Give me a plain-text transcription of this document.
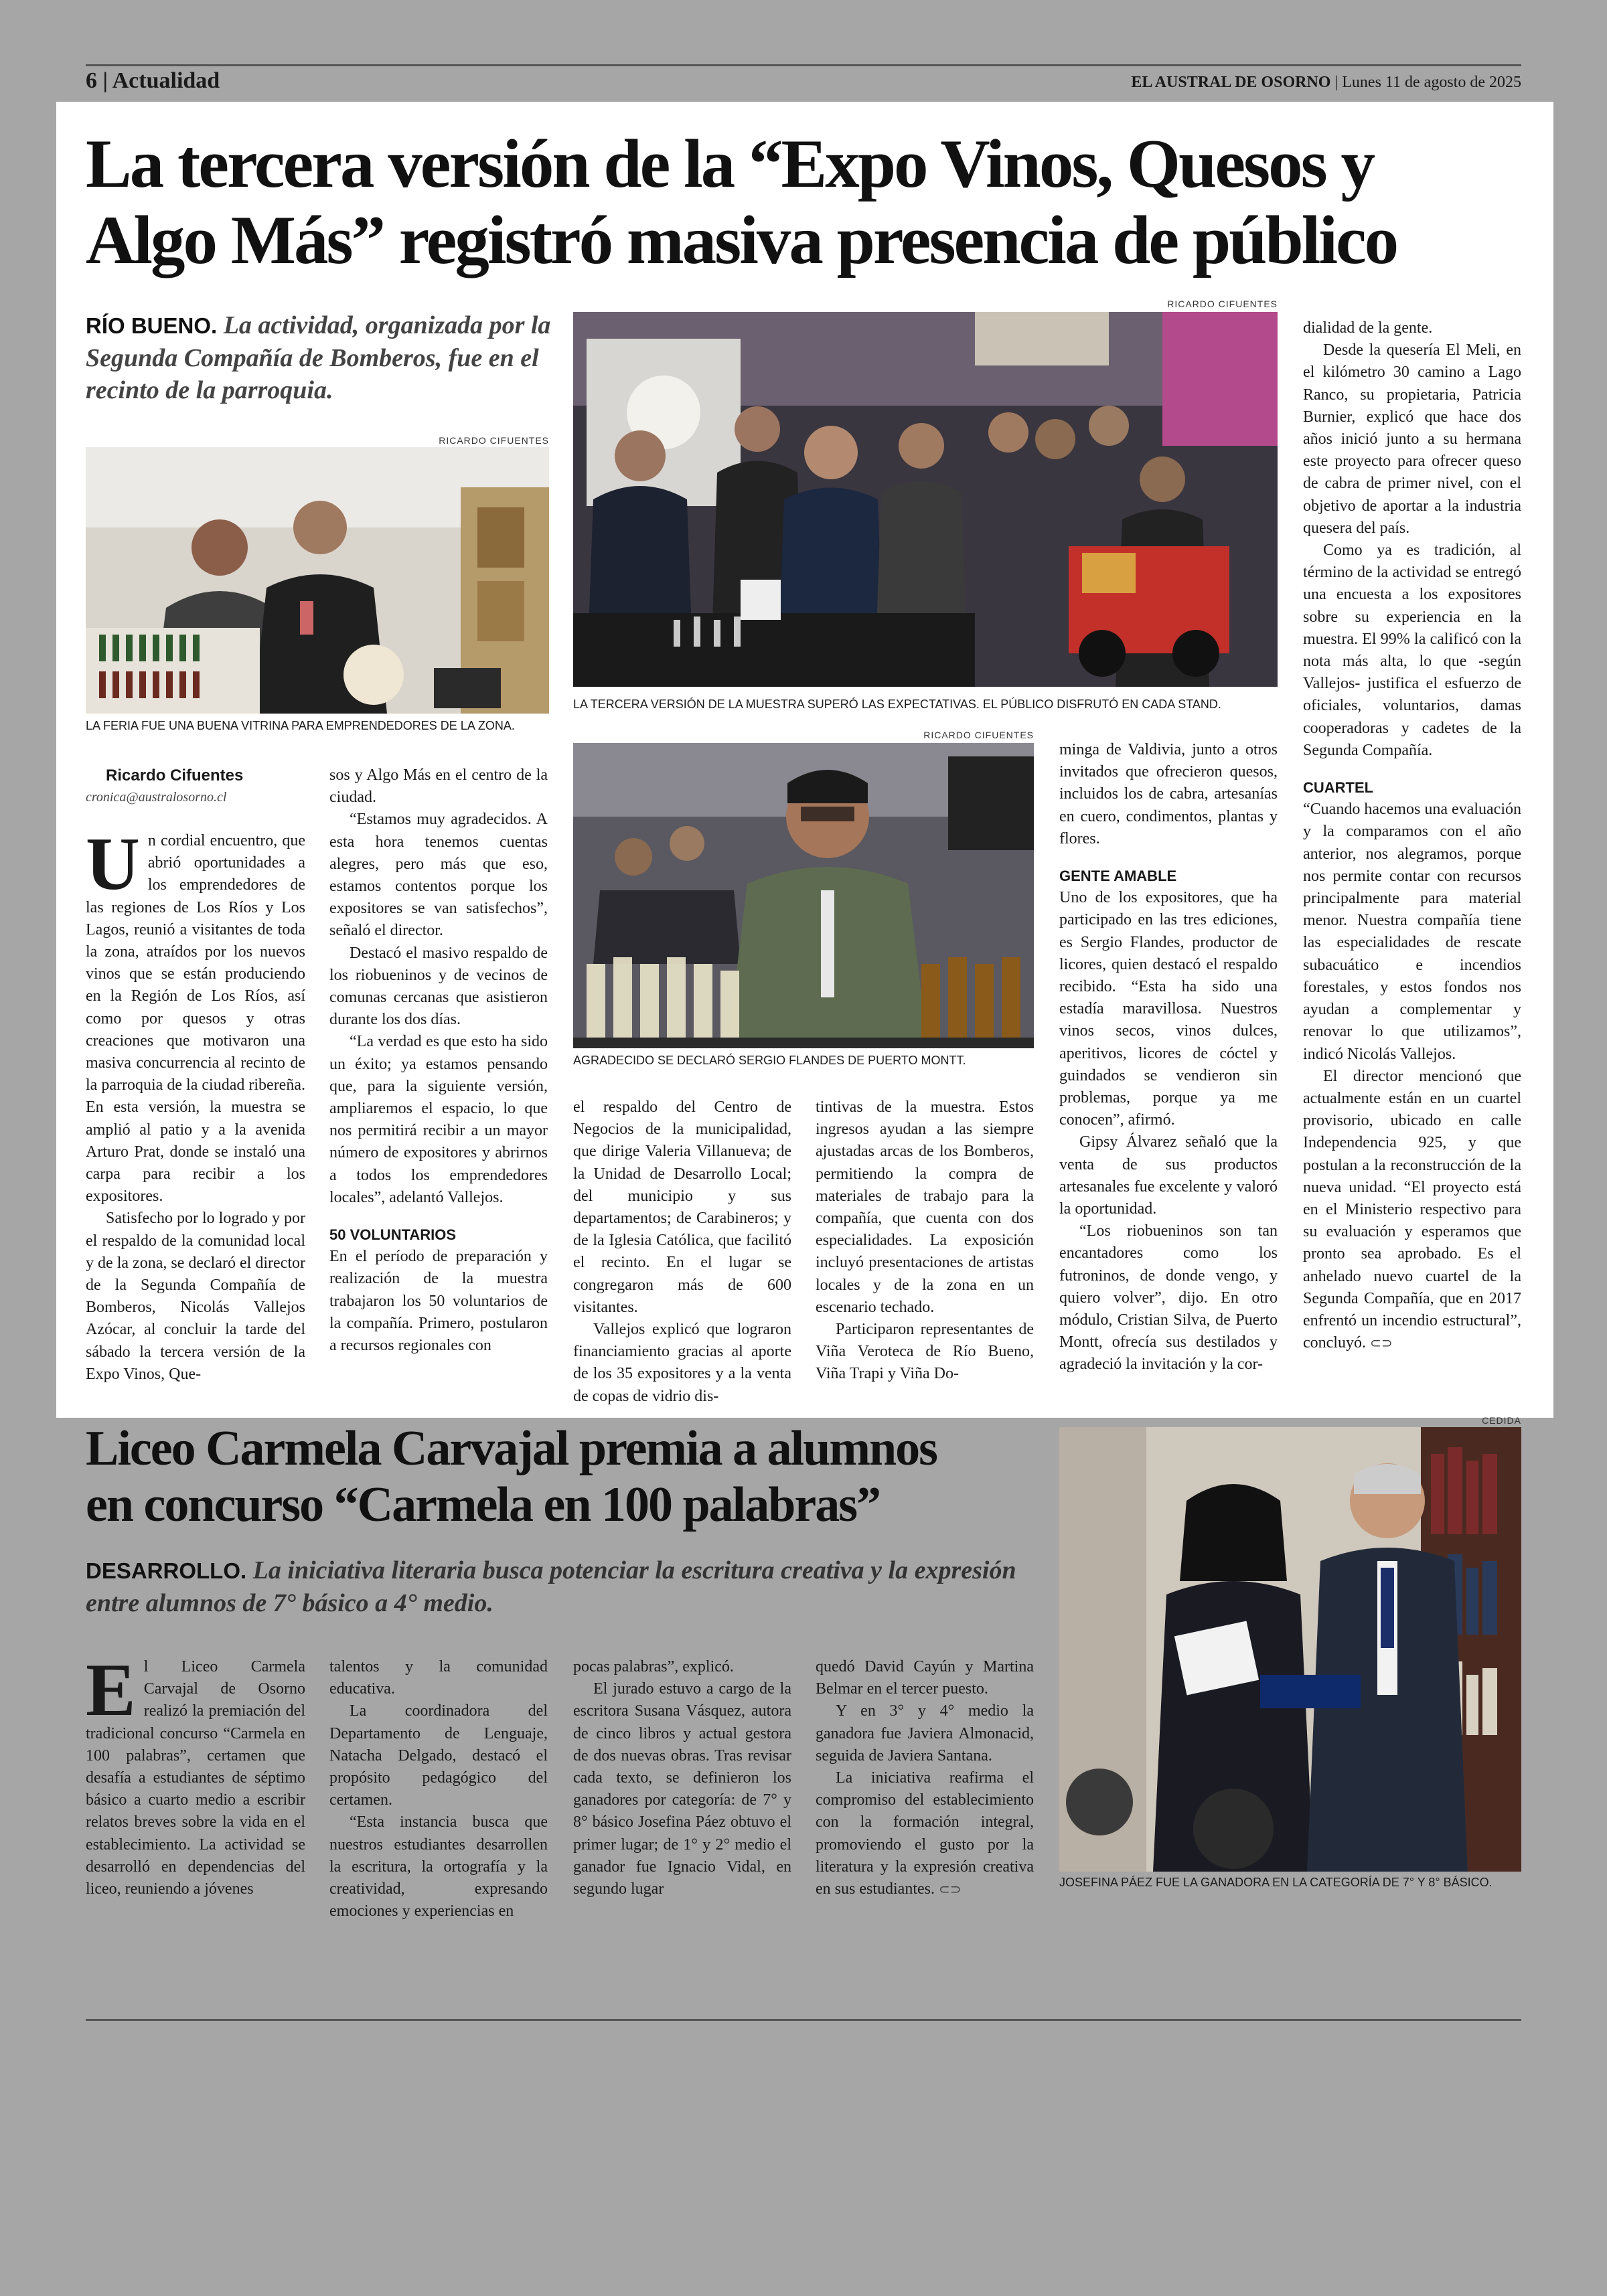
6 | Actualidad	EL AUSTRAL DE OSORNO | Lunes 11 de agosto de 2025
La tercera versión de la “Expo Vinos, Quesos y
Algo Más” registró masiva presencia de público
RÍO BUENO. La actividad, organizada por la Segunda Compañía de Bomberos, fue en el recinto de la parroquia.
RICARDO CIFUENTES
LA FERIA FUE UNA BUENA VITRINA PARA EMPRENDEDORES DE LA ZONA.
RICARDO CIFUENTES
LA TERCERA VERSIÓN DE LA MUESTRA SUPERÓ LAS EXPECTATIVAS. EL PÚBLICO DISFRUTÓ EN CADA STAND.
RICARDO CIFUENTES
AGRADECIDO SE DECLARÓ SERGIO FLANDES DE PUERTO MONTT.

Ricardo Cifuentes

cronica@australosorno.cl

Un cordial encuentro, que abrió oportunidades a los emprendedores de las regiones de Los Ríos y Los Lagos, reunió a visitantes de toda la zona, atraídos por los nuevos vinos que se están produciendo en la Región de Los Ríos, así como por quesos y otras creaciones que motivaron una masiva concurrencia al recinto de la parroquia de la ciudad ribereña. En esta versión, la muestra se amplió al patio y a la avenida Arturo Prat, donde se instaló una carpa para recibir a los expositores.

Satisfecho por lo logrado y por el respaldo de la comunidad local y de la zona, se declaró el director de la Segunda Compañía de Bomberos, Nicolás Vallejos Azócar, al concluir la tarde del sábado la tercera versión de la Expo Vinos, Que-

sos y Algo Más en el centro de la ciudad.

“Estamos muy agradecidos. A esta hora tenemos cuentas alegres, pero más que eso, estamos contentos porque los expositores se van satisfechos”, señaló el director.

Destacó el masivo respaldo de los riobueninos y de vecinos de comunas cercanas que asistieron durante los dos días.

“La verdad es que esto ha sido un éxito; ya estamos pensando que, para la siguiente versión, ampliaremos el espacio, lo que nos permitirá recibir a un mayor número de expositores y abrirnos a todos los emprendedores locales”, adelantó Vallejos.

50 VOLUNTARIOS

En el período de preparación y realización de la muestra trabajaron los 50 voluntarios de la compañía. Primero, postularon a recursos regionales con

el respaldo del Centro de Negocios de la municipalidad, que dirige Valeria Villanueva; de la Unidad de Desarrollo Local; del municipio y sus departamentos; de Carabineros; y de la Iglesia Católica, que facilitó el recinto. En el lugar se congregaron más de 600 visitantes.

Vallejos explicó que lograron financiamiento gracias al aporte de los 35 expositores y a la venta de copas de vidrio dis-

tintivas de la muestra. Estos ingresos ayudan a las siempre ajustadas arcas de los Bomberos, permitiendo la compra de materiales de trabajo para la compañía, que cuenta con dos especialidades. La exposición incluyó presentaciones de artistas locales y de la zona en un escenario techado.

Participaron representantes de Viña Veroteca de Río Bueno, Viña Trapi y Viña Do-

minga de Valdivia, junto a otros invitados que ofrecieron quesos, incluidos los de cabra, artesanías en cuero, condimentos, plantas y flores.

GENTE AMABLE

Uno de los expositores, que ha participado en las tres ediciones, es Sergio Flandes, productor de licores, quien destacó el respaldo recibido. “Esta ha sido una estadía maravillosa. Nuestros vinos secos, vinos dulces, aperitivos, licores de cóctel y guindados se vendieron sin problemas, porque ya me conocen”, afirmó.

Gipsy Álvarez señaló que la venta de sus productos artesanales fue excelente y valoró la oportunidad.

“Los riobueninos son tan encantadores como los futroninos, de donde vengo, y quiero volver”, dijo. En otro módulo, Cristian Silva, de Puerto Montt, ofrecía sus destilados y agradeció la invitación y la cor-

dialidad de la gente.

Desde la quesería El Meli, en el kilómetro 30 camino a Lago Ranco, su propietaria, Patricia Burnier, explicó que hace dos años inició junto a su hermana este proyecto para ofrecer queso de cabra de primer nivel, con el objetivo de aportar a la industria quesera del país.

Como ya es tradición, al término de la actividad se entregó una encuesta a los expositores sobre su experiencia en la muestra. El 99% la calificó con la nota más alta, lo que -según Vallejos- justifica el esfuerzo de oficiales, voluntarios, damas cooperadoras y cadetes de la Segunda Compañía.

CUARTEL

“Cuando hacemos una evaluación y la comparamos con el año anterior, nos alegramos, porque nos permite contar con recursos principalmente para material menor. Nuestra compañía tiene las especialidades de rescate subacuático e incendios forestales, y estos fondos nos ayudan a complementar y renovar lo que utilizamos”, indicó Nicolás Vallejos.

El director mencionó que actualmente están en un cuartel provisorio, ubicado en calle Independencia 925, y que postulan a la reconstrucción de la nueva unidad. “El proyecto está en el Ministerio respectivo para su evaluación y esperamos que pronto sea aprobado. Es el anhelado nuevo cuartel de la Segunda Compañía, que en 2017 enfrentó un incendio estructural”, concluyó. ⊂⊃

Liceo Carmela Carvajal premia a alumnos
en concurso “Carmela en 100 palabras”
DESARROLLO. La iniciativa literaria busca potenciar la escritura creativa y la expresión entre alumnos de 7° básico a 4° medio.
CEDIDA
JOSEFINA PÁEZ FUE LA GANADORA EN LA CATEGORÍA DE 7° Y 8° BÁSICO.

El Liceo Carmela Carvajal de Osorno realizó la premiación del tradicional concurso “Carmela en 100 palabras”, certamen que desafía a estudiantes de séptimo básico a cuarto medio a escribir relatos breves sobre la vida en el establecimiento. La actividad se desarrolló en dependencias del liceo, reuniendo a jóvenes

talentos y la comunidad educativa.

La coordinadora del Departamento de Lenguaje, Natacha Delgado, destacó el propósito pedagógico del certamen.

“Esta instancia busca que nuestros estudiantes desarrollen la escritura, la ortografía y la creatividad, expresando emociones y experiencias en

pocas palabras”, explicó.

El jurado estuvo a cargo de la escritora Susana Vásquez, autora de cinco libros y actual gestora de dos nuevas obras. Tras revisar cada texto, se definieron los ganadores por categoría: de 7° y 8° básico Josefina Páez obtuvo el primer lugar; de 1° y 2° medio el ganador fue Ignacio Vidal, en segundo lugar

quedó David Cayún y Martina Belmar en el tercer puesto.

Y en 3° y 4° medio la ganadora fue Javiera Almonacid, seguida de Javiera Santana.

La iniciativa reafirma el compromiso del establecimiento con la formación integral, promoviendo el gusto por la literatura y la expresión creativa en sus estudiantes. ⊂⊃
